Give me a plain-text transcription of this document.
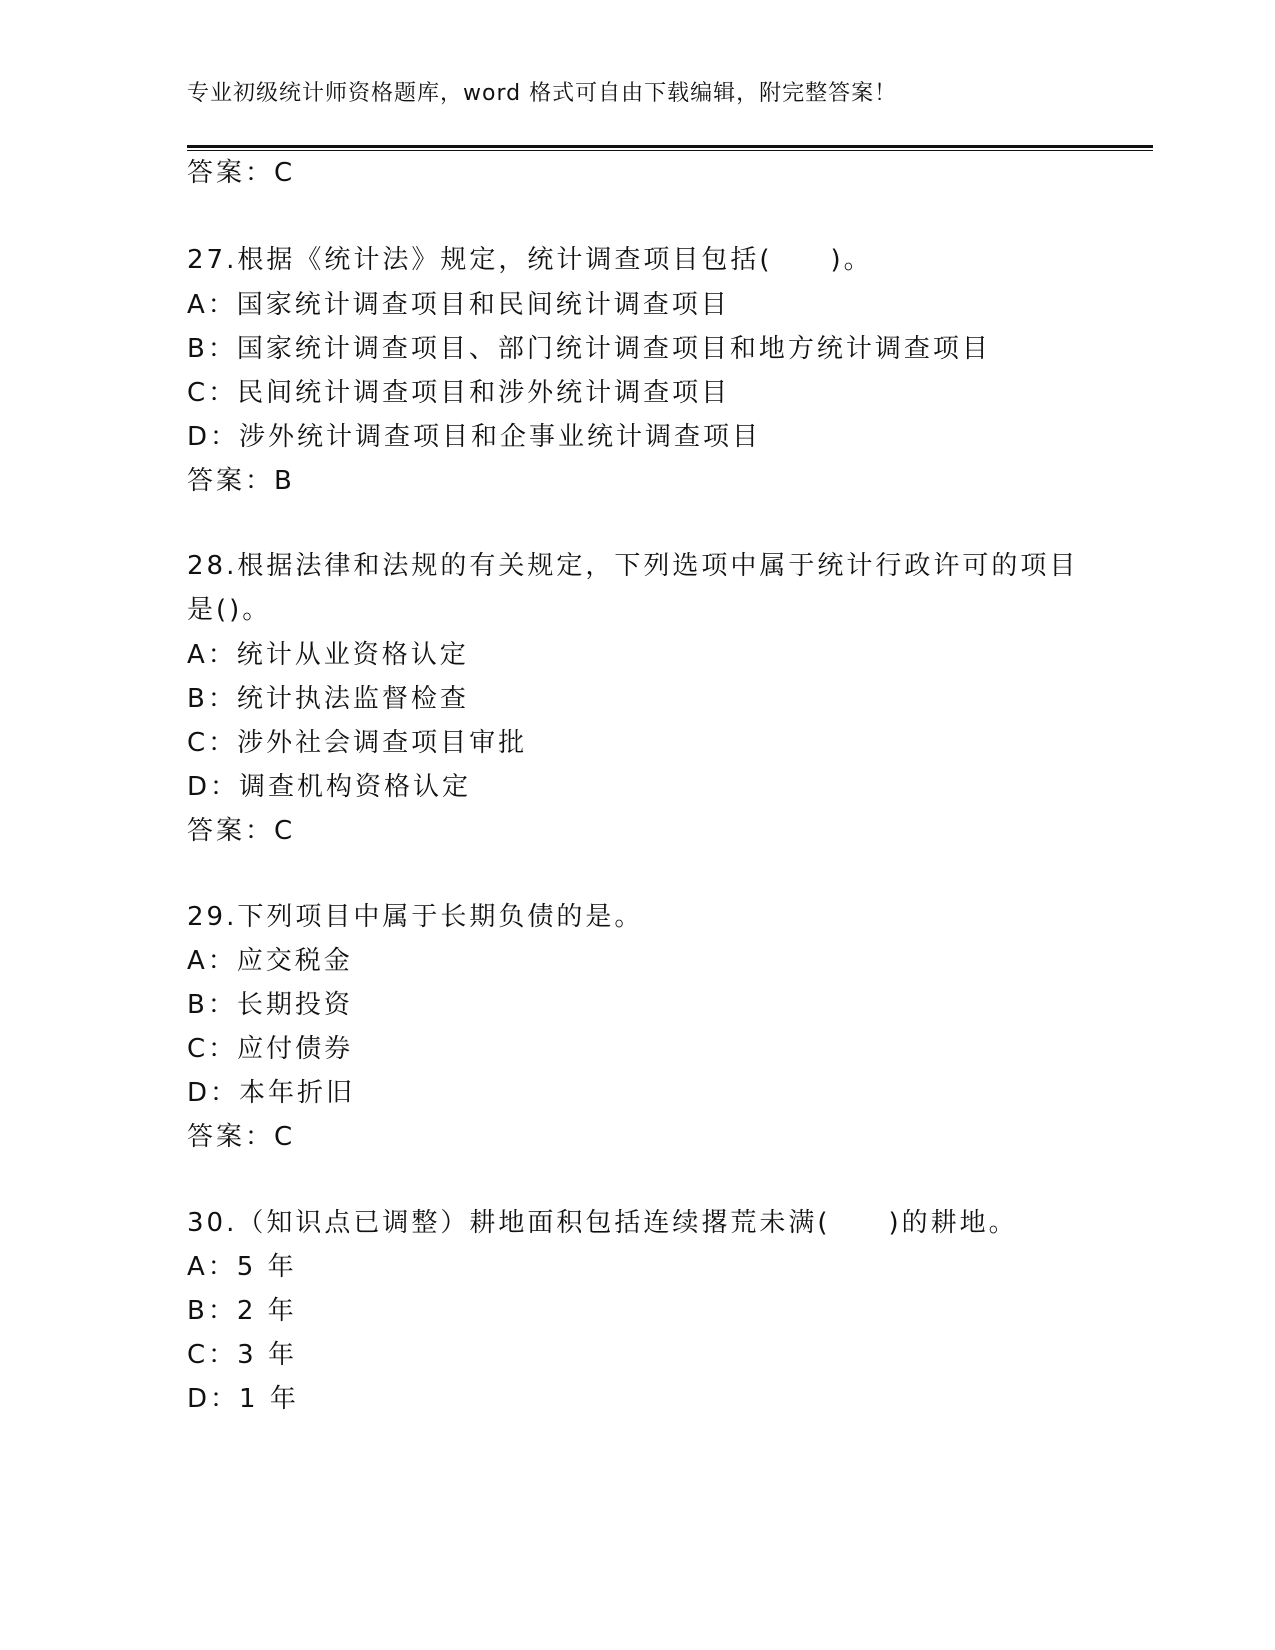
专业初级统计师资格题库，word 格式可自由下载编辑，附完整答案！
答案：C
27.根据《统计法》规定，统计调查项目包括(　　)。
A：国家统计调查项目和民间统计调查项目
B：国家统计调查项目、部门统计调查项目和地方统计调查项目
C：民间统计调查项目和涉外统计调查项目
D：涉外统计调查项目和企事业统计调查项目
答案：B
28.根据法律和法规的有关规定，下列选项中属于统计行政许可的项目
是()。
A：统计从业资格认定
B：统计执法监督检查
C：涉外社会调查项目审批
D：调查机构资格认定
答案：C
29.下列项目中属于长期负债的是。
A：应交税金
B：长期投资
C：应付债券
D：本年折旧
答案：C
30.（知识点已调整）耕地面积包括连续撂荒未满(　　)的耕地。
A：5 年
B：2 年
C：3 年
D：1 年
